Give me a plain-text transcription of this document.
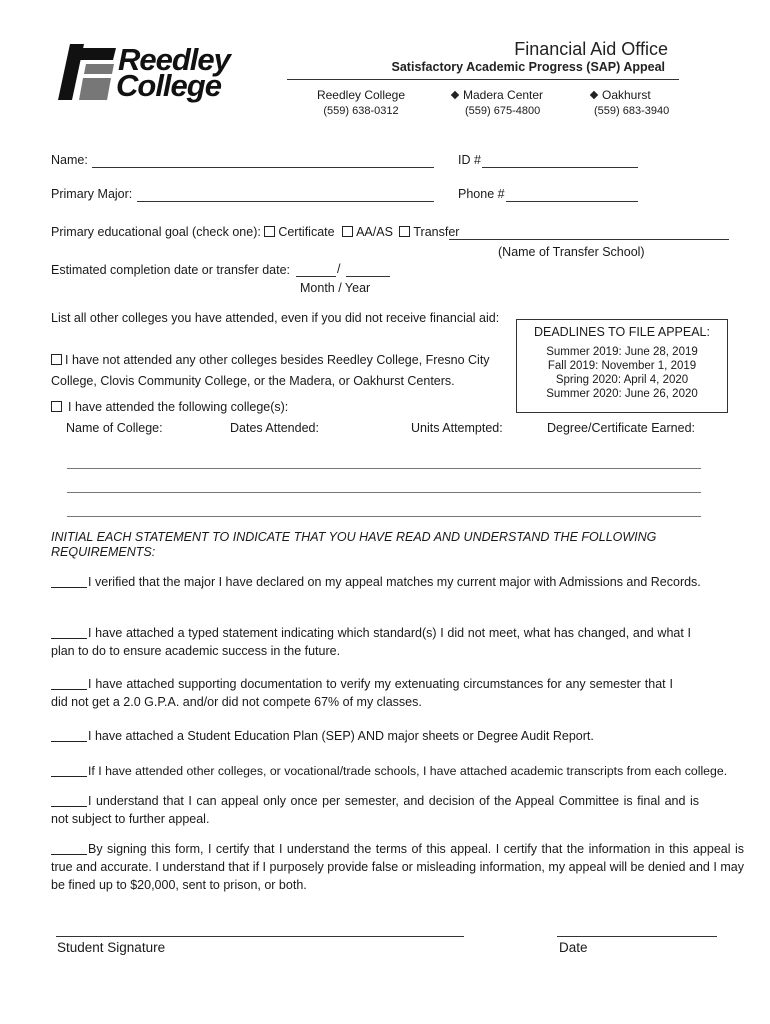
Reedley
College
Financial Aid Office
Satisfactory Academic Progress (SAP) Appeal
Reedley College
(559) 638-0312
Madera Center
(559) 675-4800
Oakhurst
(559) 683-3940
Name:	ID #
Primary Major:	Phone #
Primary educational goal (check one): Certificate AA/AS Transfer
(Name of Transfer School)
Estimated completion date or transfer date:	/
Month / Year
List all other colleges you have attended, even if you did not receive financial aid:
I have not attended any other colleges besides Reedley College, Fresno City College, Clovis Community College, or the Madera, or Oakhurst Centers.
I have attended the following college(s):
DEADLINES TO FILE APPEAL:
Summer 2019: June 28, 2019
Fall 2019: November 1, 2019
Spring 2020: April 4, 2020
Summer 2020: June 26, 2020
Name of College:	Dates Attended:	Units Attempted:	Degree/Certificate Earned:
INITIAL EACH STATEMENT TO INDICATE THAT YOU HAVE READ AND UNDERSTAND THE FOLLOWING REQUIREMENTS:
I verified that the major I have declared on my appeal matches my current major with Admissions and Records.
I have attached a typed statement indicating which standard(s) I did not meet, what has changed, and what I plan to do to ensure academic success in the future.
I have attached supporting documentation to verify my extenuating circumstances for any semester that I did not get a 2.0 G.P.A. and/or did not compete 67% of my classes.
I have attached a Student Education Plan (SEP) AND major sheets or Degree Audit Report.
If I have attended other colleges, or vocational/trade schools, I have attached academic transcripts from each college.
I understand that I can appeal only once per semester, and decision of the Appeal Committee is final and is not subject to further appeal.
By signing this form, I certify that I understand the terms of this appeal. I certify that the information in this appeal is true and accurate. I understand that if I purposely provide false or misleading information, my appeal will be denied and I may be fined up to $20,000, sent to prison, or both.
Student Signature	Date
